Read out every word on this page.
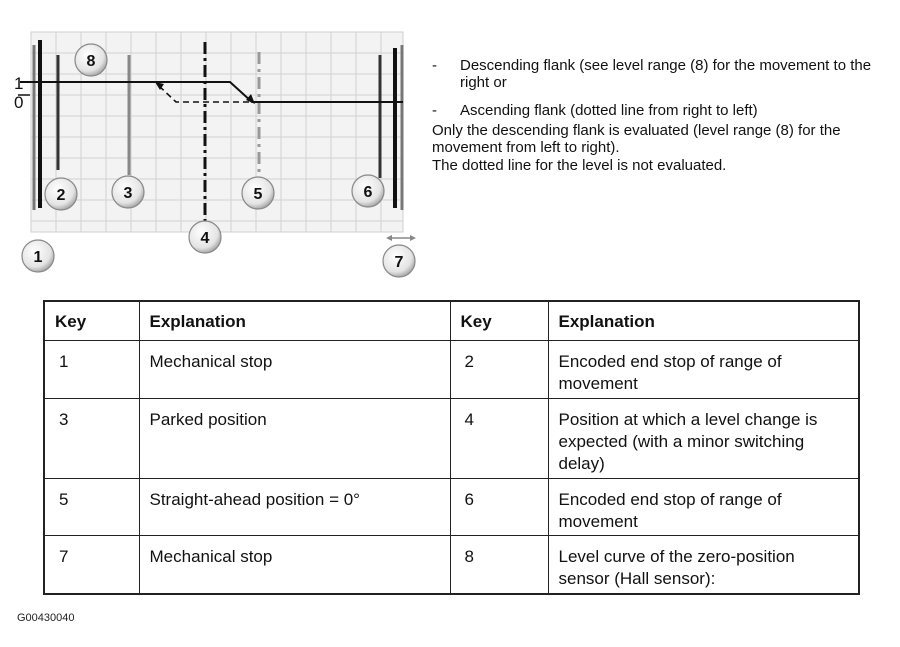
1
0
1
2	3
4
5	6
7
8	-	Descending flank (see level range (8) for the movement to the right or
-	Ascending flank (dotted line from right to left)
Only the descending flank is evaluated (level range (8) for the movement from left to right).
The dotted line for the level is not evaluated.
Key	Explanation	Key	Explanation
1	Mechanical stop	2	Encoded end stop of range of movement
3	Parked position	4	Position at which a level change is expected (with a minor switching delay)
5	Straight-ahead position = 0°	6	Encoded end stop of range of movement
7	Mechanical stop	8	Level curve of the zero-position sensor (Hall sensor):
G00430040
